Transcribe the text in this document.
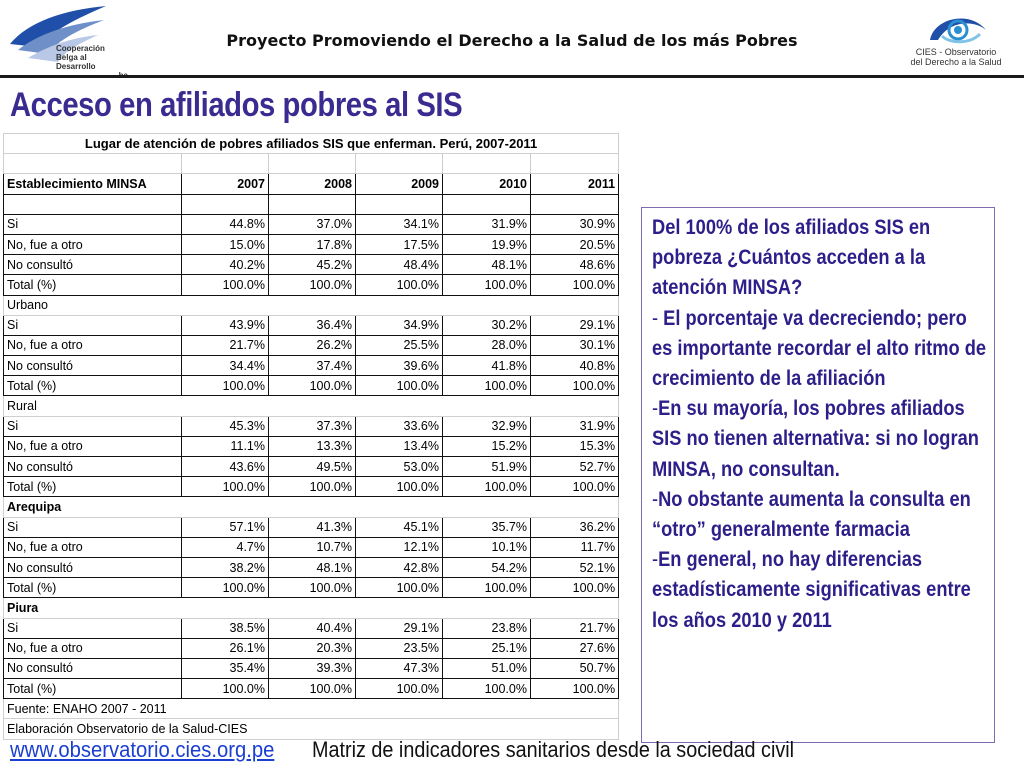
Cooperación
Belga al Desarrollo
Proyecto Promoviendo el Derecho a la Salud de los más Pobres
CIES - Observatorio
del Derecho a la Salud
Acceso en afiliados pobres al SIS
Lugar de atención de pobres afiliados SIS que enferman. Perú, 2007-2011					

Establecimiento MINSA	2007	2008	2009	2010	2011

Si	44.8%	37.0%	34.1%	31.9%	30.9%
No, fue a otro	15.0%	17.8%	17.5%	19.9%	20.5%
No consultó	40.2%	45.2%	48.4%	48.1%	48.6%
Total (%)	100.0%	100.0%	100.0%	100.0%	100.0%
Urbano					
Si	43.9%	36.4%	34.9%	30.2%	29.1%
No, fue a otro	21.7%	26.2%	25.5%	28.0%	30.1%
No consultó	34.4%	37.4%	39.6%	41.8%	40.8%
Total (%)	100.0%	100.0%	100.0%	100.0%	100.0%
Rural					
Si	45.3%	37.3%	33.6%	32.9%	31.9%
No, fue a otro	11.1%	13.3%	13.4%	15.2%	15.3%
No consultó	43.6%	49.5%	53.0%	51.9%	52.7%
Total (%)	100.0%	100.0%	100.0%	100.0%	100.0%
Arequipa					
Si	57.1%	41.3%	45.1%	35.7%	36.2%
No, fue a otro	4.7%	10.7%	12.1%	10.1%	11.7%
No consultó	38.2%	48.1%	42.8%	54.2%	52.1%
Total (%)	100.0%	100.0%	100.0%	100.0%	100.0%
Piura					
Si	38.5%	40.4%	29.1%	23.8%	21.7%
No, fue a otro	26.1%	20.3%	23.5%	25.1%	27.6%
No consultó	35.4%	39.3%	47.3%	51.0%	50.7%
Total (%)	100.0%	100.0%	100.0%	100.0%	100.0%
Fuente: ENAHO 2007 - 2011					
Elaboración Observatorio de la Salud-CIES					

Del 100% de los afiliados SIS en pobreza ¿Cuántos acceden a la atención MINSA?
- El porcentaje va decreciendo; pero es importante recordar el alto ritmo de crecimiento de la afiliación
-En su mayoría, los pobres afiliados SIS no tienen alternativa: si no logran MINSA, no consultan.
-No obstante aumenta la consulta en “otro” generalmente farmacia
-En general, no hay diferencias estadísticamente significativas entre los años 2010 y 2011

www.observatorio.cies.org.pe Matriz de indicadores sanitarios desde la sociedad civil
